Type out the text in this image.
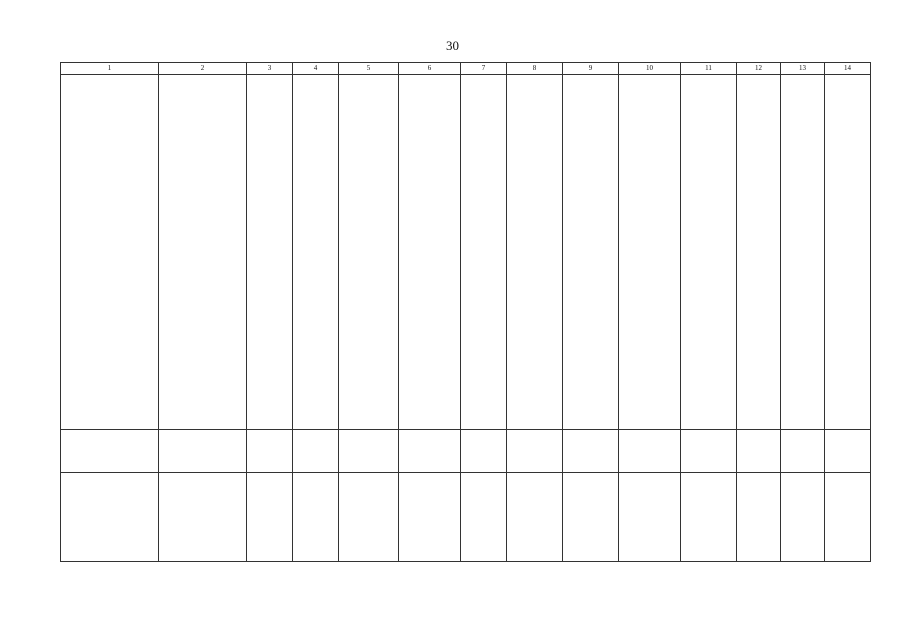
30
1	2	3	4	5	6	7	8	9	10	11	12	13	14
